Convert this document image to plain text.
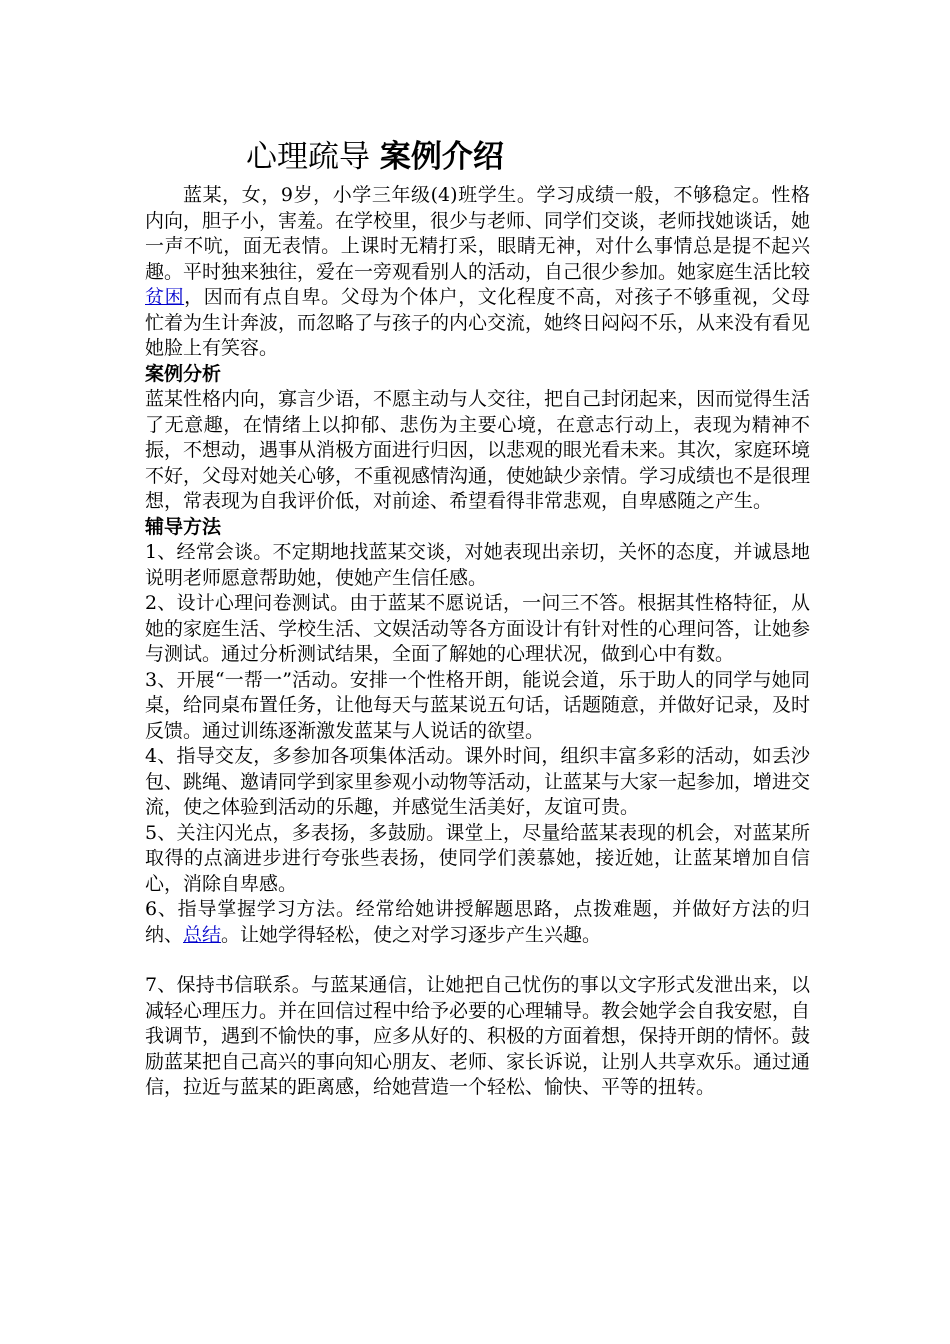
心理疏导 案例介绍

蓝某，女，9岁，小学三年级(4)班学生。学习成绩一般，不够稳定。性格内向，胆子小，害羞。在学校里，很少与老师、同学们交谈，老师找她谈话，她一声不吭，面无表情。上课时无精打采，眼睛无神，对什么事情总是提不起兴趣。平时独来独往，爱在一旁观看别人的活动，自己很少参加。她家庭生活比较贫困，因而有点自卑。父母为个体户，文化程度不高，对孩子不够重视，父母忙着为生计奔波，而忽略了与孩子的内心交流，她终日闷闷不乐，从来没有看见她脸上有笑容。

案例分析

蓝某性格内向，寡言少语，不愿主动与人交往，把自己封闭起来，因而觉得生活了无意趣，在情绪上以抑郁、悲伤为主要心境，在意志行动上，表现为精神不振，不想动，遇事从消极方面进行归因，以悲观的眼光看未来。其次，家庭环境不好，父母对她关心够，不重视感情沟通，使她缺少亲情。学习成绩也不是很理想，常表现为自我评价低，对前途、希望看得非常悲观，自卑感随之产生。

辅导方法

1、经常会谈。不定期地找蓝某交谈，对她表现出亲切，关怀的态度，并诚恳地说明老师愿意帮助她，使她产生信任感。

2、设计心理问卷测试。由于蓝某不愿说话，一问三不答。根据其性格特征，从她的家庭生活、学校生活、文娱活动等各方面设计有针对性的心理问答，让她参与测试。通过分析测试结果，全面了解她的心理状况，做到心中有数。

3、开展“一帮一”活动。安排一个性格开朗，能说会道，乐于助人的同学与她同桌，给同桌布置任务，让他每天与蓝某说五句话，话题随意，并做好记录，及时反馈。通过训练逐渐激发蓝某与人说话的欲望。

4、指导交友，多参加各项集体活动。课外时间，组织丰富多彩的活动，如丢沙包、跳绳、邀请同学到家里参观小动物等活动，让蓝某与大家一起参加，增进交流，使之体验到活动的乐趣，并感觉生活美好，友谊可贵。

5、关注闪光点，多表扬，多鼓励。课堂上，尽量给蓝某表现的机会，对蓝某所取得的点滴进步进行夸张些表扬，使同学们羡慕她，接近她，让蓝某增加自信心，消除自卑感。

6、指导掌握学习方法。经常给她讲授解题思路，点拨难题，并做好方法的归纳、总结。让她学得轻松，使之对学习逐步产生兴趣。

7、保持书信联系。与蓝某通信，让她把自己忧伤的事以文字形式发泄出来，以减轻心理压力。并在回信过程中给予必要的心理辅导。教会她学会自我安慰，自我调节，遇到不愉快的事，应多从好的、积极的方面着想，保持开朗的情怀。鼓励蓝某把自己高兴的事向知心朋友、老师、家长诉说，让别人共享欢乐。通过通信，拉近与蓝某的距离感，给她营造一个轻松、愉快、平等的扭转。
